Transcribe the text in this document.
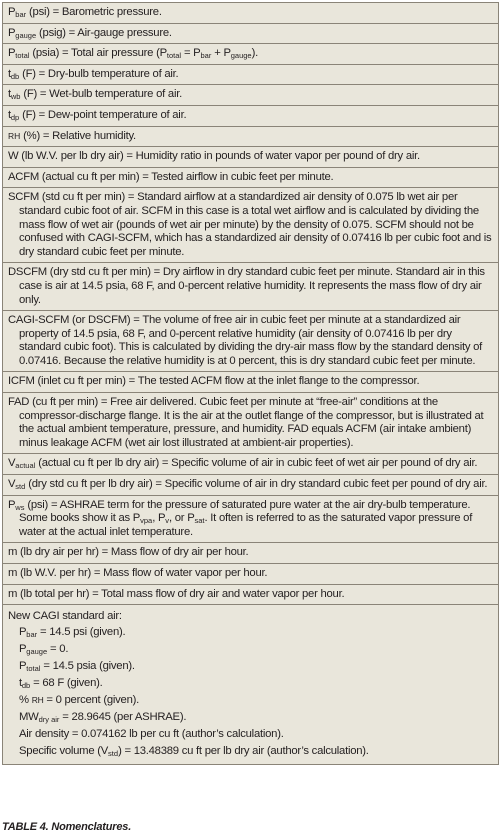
$P_{bar}$ (psi) = Barometric pressure.
$P_{gauge}$ (psig) = Air-gauge pressure.
$P_{total}$ (psia) = Total air pressure $(P_{total} = P_{bar} + P_{gauge})$.
$t_{db}$ (F) = Dry-bulb temperature of air.
$t_{wb}$ (F) = Wet-bulb temperature of air.
$t_{dp}$ (F) = Dew-point temperature of air.
RH (%) = Relative humidity.
W (lb W.V. per lb dry air) = Humidity ratio in pounds of water vapor per pound of dry air.
ACFM (actual cu ft per min) = Tested airflow in cubic feet per minute.
SCFM (std cu ft per min) = Standard airflow at a standardized air density of 0.075 lb wet air per standard cubic foot of air. SCFM in this case is a total wet airflow and is calculated by dividing the mass flow of wet air (pounds of wet air per minute) by the density of 0.075. SCFM should not be confused with CAGI-SCFM, which has a standardized air density of 0.07416 lb per cubic foot and is dry standard cubic feet per minute.
DSCFM (dry std cu ft per min) = Dry airflow in dry standard cubic feet per minute. Standard air in this case is air at 14.5 psia, 68 F, and 0-percent relative humidity. It represents the mass flow of dry air only.
CAGI-SCFM (or DSCFM) = The volume of free air in cubic feet per minute at a standardized air property of 14.5 psia, 68 F, and 0-percent relative humidity (air density of 0.07416 lb per dry standard cubic foot). This is calculated by dividing the dry-air mass flow by the standard density of 0.07416. Because the relative humidity is at 0 percent, this is dry standard cubic feet per minute.
ICFM (inlet cu ft per min) = The tested ACFM flow at the inlet flange to the compressor.
FAD (cu ft per min) = Free air delivered. Cubic feet per minute at “free-air” conditions at the compressor-discharge flange. It is the air at the outlet flange of the compressor, but is illustrated at the actual ambient temperature, pressure, and humidity. FAD equals ACFM (air intake ambient) minus leakage ACFM (wet air lost illustrated at ambient-air properties).
$V_{actual}$ (actual cu ft per lb dry air) = Specific volume of air in cubic feet of wet air per pound of dry air.
$V_{std}$ (dry std cu ft per lb dry air) = Specific volume of air in dry standard cubic feet per pound of dry air.
$P_{ws}$ (psi) = ASHRAE term for the pressure of saturated pure water at the air dry-bulb temperature. Some books show it as $P_{vpa}$, $P_v$, or $P_{sat}$. It often is referred to as the saturated vapor pressure of water at the actual inlet temperature.
m (lb dry air per hr) = Mass flow of dry air per hour.
m (lb W.V. per hr) = Mass flow of water vapor per hour.
m (lb total per hr) = Total mass flow of dry air and water vapor per hour.
New CAGI standard air:
$P_{bar} = 14.5$ psi (given).
$P_{gauge} = 0$.
$P_{total} = 14.5$ psia (given).
$t_{db} = 68$ F (given).
% RH = 0 percent (given).
$MW_{dry air} = 28.9645$ (per ASHRAE).
Air density = 0.074162 lb per cu ft (author’s calculation).
Specific volume $(V_{std}) = 13.48389$ cu ft per lb dry air (author’s calculation).
TABLE 4. Nomenclatures.
